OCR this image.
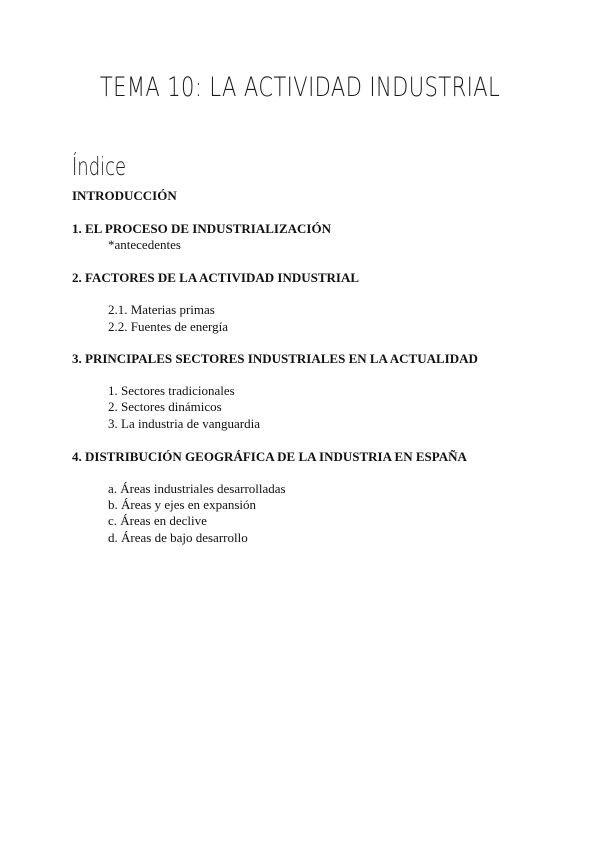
TEMA 10: LA ACTIVIDAD INDUSTRIAL
Índice
INTRODUCCIÓN
1. EL PROCESO DE INDUSTRIALIZACIÓN
*antecedentes
2. FACTORES DE LA ACTIVIDAD INDUSTRIAL
2.1. Materias primas
2.2. Fuentes de energía
3. PRINCIPALES SECTORES INDUSTRIALES EN LA ACTUALIDAD
1. Sectores tradicionales
2. Sectores dinámicos
3. La industria de vanguardia
4. DISTRIBUCIÓN GEOGRÁFICA DE LA INDUSTRIA EN ESPAÑA
a. Áreas industriales desarrolladas
b. Áreas y ejes en expansión
c. Áreas en declive
d. Áreas de bajo desarrollo
